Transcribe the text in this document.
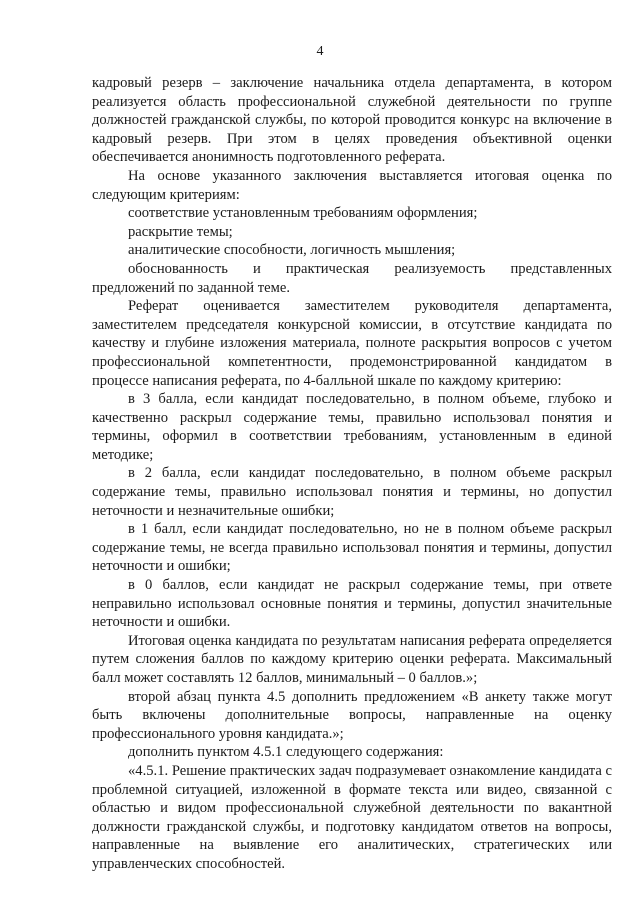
4

кадровый резерв – заключение начальника отдела департамента, в котором реализуется область профессиональной служебной деятельности по группе должностей гражданской службы, по которой проводится конкурс на включение в кадровый резерв. При этом в целях проведения объективной оценки обеспечивается анонимность подготовленного реферата.

На основе указанного заключения выставляется итоговая оценка по следующим критериям:

соответствие установленным требованиям оформления;

раскрытие темы;

аналитические способности, логичность мышления;

обоснованность и практическая реализуемость представленных предложений по заданной теме.

Реферат оценивается заместителем руководителя департамента, заместителем председателя конкурсной комиссии, в отсутствие кандидата по качеству и глубине изложения материала, полноте раскрытия вопросов с учетом профессиональной компетентности, продемонстрированной кандидатом в процессе написания реферата, по 4-балльной шкале по каждому критерию:

в 3 балла, если кандидат последовательно, в полном объеме, глубоко и качественно раскрыл содержание темы, правильно использовал понятия и термины, оформил в соответствии требованиям, установленным в единой методике;

в 2 балла, если кандидат последовательно, в полном объеме раскрыл содержание темы, правильно использовал понятия и термины, но допустил неточности и незначительные ошибки;

в 1 балл, если кандидат последовательно, но не в полном объеме раскрыл содержание темы, не всегда правильно использовал понятия и термины, допустил неточности и ошибки;

в 0 баллов, если кандидат не раскрыл содержание темы, при ответе неправильно использовал основные понятия и термины, допустил значительные неточности и ошибки.

Итоговая оценка кандидата по результатам написания реферата определяется путем сложения баллов по каждому критерию оценки реферата. Максимальный балл может составлять 12 баллов, минимальный – 0 баллов.»;

второй абзац пункта 4.5 дополнить предложением «В анкету также могут быть включены дополнительные вопросы, направленные на оценку профессионального уровня кандидата.»;

дополнить пунктом 4.5.1 следующего содержания:

«4.5.1. Решение практических задач подразумевает ознакомление кандидата с проблемной ситуацией, изложенной в формате текста или видео, связанной с областью и видом профессиональной служебной деятельности по вакантной должности гражданской службы, и подготовку кандидатом ответов на вопросы, направленные на выявление его аналитических, стратегических или управленческих способностей.
